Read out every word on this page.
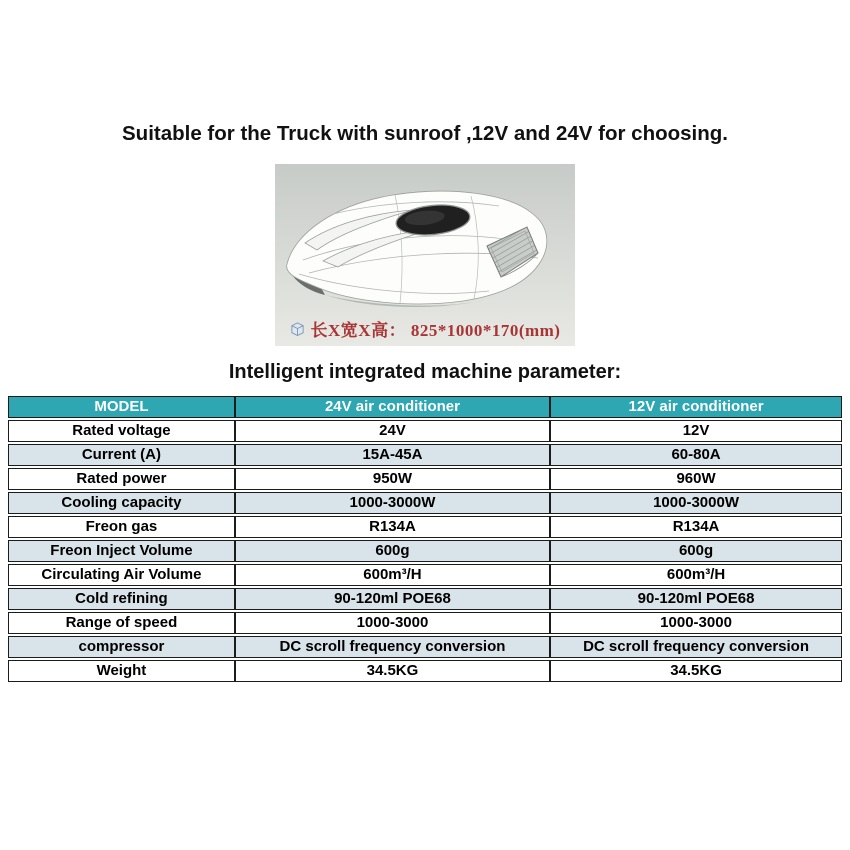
Suitable for the Truck with sunroof ,12V and 24V for choosing.
长X宽X高： 825*1000*170(mm)
Intelligent integrated machine parameter:
MODEL	24V air conditioner	12V air conditioner
Rated voltage	24V	12V
Current (A)	15A-45A	60-80A
Rated power	950W	960W
Cooling capacity	1000-3000W	1000-3000W
Freon gas	R134A	R134A
Freon Inject Volume	600g	600g
Circulating Air Volume	600m³/H	600m³/H
Cold refining	90-120ml POE68	90-120ml POE68
Range of speed	1000-3000	1000-3000
compressor	DC scroll frequency conversion	DC scroll frequency conversion
Weight	34.5KG	34.5KG
